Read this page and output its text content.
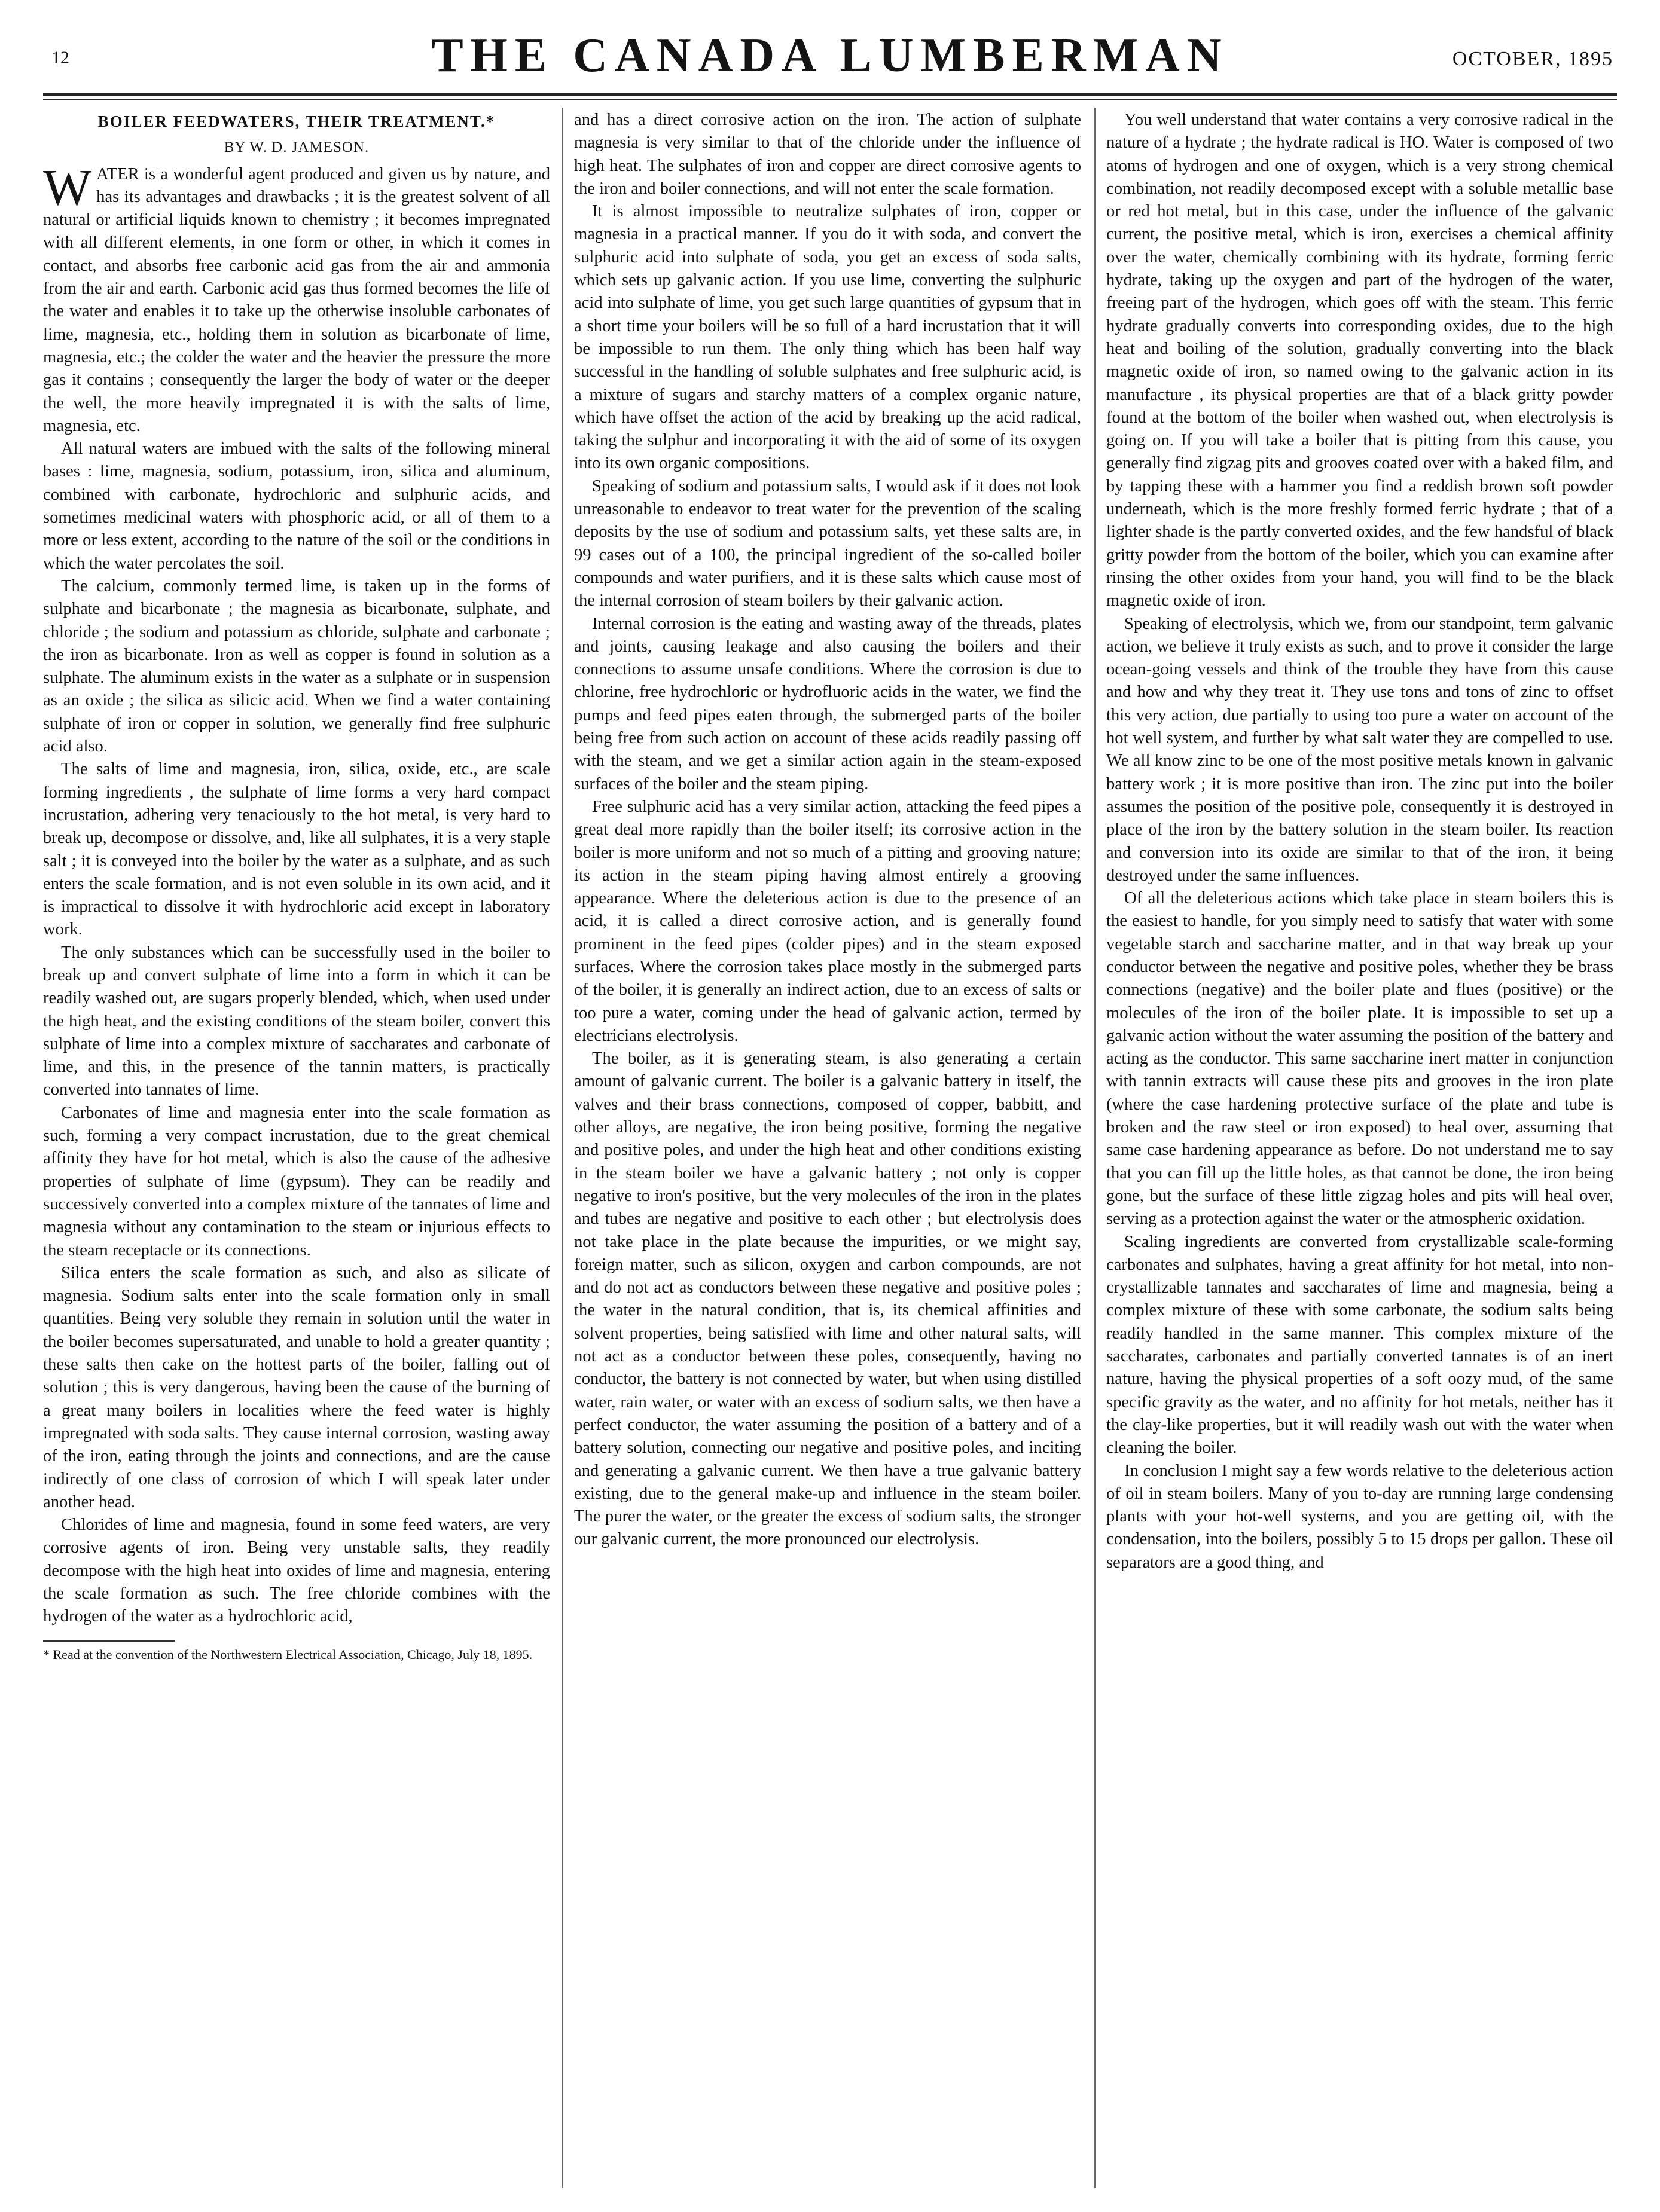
12	THE CANADA LUMBERMAN	OCTOBER, 1895
BOILER FEEDWATERS, THEIR TREATMENT.*
BY W. D. JAMESON.

WATER is a wonderful agent produced and given us by nature, and has its advantages and drawbacks ; it is the greatest solvent of all natural or artificial liquids known to chemistry ; it becomes impregnated with all different elements, in one form or other, in which it comes in contact, and absorbs free carbonic acid gas from the air and ammonia from the air and earth. Carbonic acid gas thus formed becomes the life of the water and enables it to take up the otherwise insoluble carbonates of lime, magnesia, etc., holding them in solution as bicarbonate of lime, magnesia, etc.; the colder the water and the heavier the pressure the more gas it contains ; consequently the larger the body of water or the deeper the well, the more heavily impregnated it is with the salts of lime, magnesia, etc.

All natural waters are imbued with the salts of the following mineral bases : lime, magnesia, sodium, potassium, iron, silica and aluminum, combined with carbonate, hydrochloric and sulphuric acids, and sometimes medicinal waters with phosphoric acid, or all of them to a more or less extent, according to the nature of the soil or the conditions in which the water percolates the soil.

The calcium, commonly termed lime, is taken up in the forms of sulphate and bicarbonate ; the magnesia as bicarbonate, sulphate, and chloride ; the sodium and potassium as chloride, sulphate and carbonate ; the iron as bicarbonate. Iron as well as copper is found in solution as a sulphate. The aluminum exists in the water as a sulphate or in suspension as an oxide ; the silica as silicic acid. When we find a water containing sulphate of iron or copper in solution, we generally find free sulphuric acid also.

The salts of lime and magnesia, iron, silica, oxide, etc., are scale forming ingredients , the sulphate of lime forms a very hard compact incrustation, adhering very tenaciously to the hot metal, is very hard to break up, decompose or dissolve, and, like all sulphates, it is a very staple salt ; it is conveyed into the boiler by the water as a sulphate, and as such enters the scale formation, and is not even soluble in its own acid, and it is impractical to dissolve it with hydrochloric acid except in laboratory work.

The only substances which can be successfully used in the boiler to break up and convert sulphate of lime into a form in which it can be readily washed out, are sugars properly blended, which, when used under the high heat, and the existing conditions of the steam boiler, convert this sulphate of lime into a complex mixture of saccharates and carbonate of lime, and this, in the presence of the tannin matters, is practically converted into tannates of lime.

Carbonates of lime and magnesia enter into the scale formation as such, forming a very compact incrustation, due to the great chemical affinity they have for hot metal, which is also the cause of the adhesive properties of sulphate of lime (gypsum). They can be readily and successively converted into a complex mixture of the tannates of lime and magnesia without any contamination to the steam or injurious effects to the steam receptacle or its connections.

Silica enters the scale formation as such, and also as silicate of magnesia. Sodium salts enter into the scale formation only in small quantities. Being very soluble they remain in solution until the water in the boiler becomes supersaturated, and unable to hold a greater quantity ; these salts then cake on the hottest parts of the boiler, falling out of solution ; this is very dangerous, having been the cause of the burning of a great many boilers in localities where the feed water is highly impregnated with soda salts. They cause internal corrosion, wasting away of the iron, eating through the joints and connections, and are the cause indirectly of one class of corrosion of which I will speak later under another head.

Chlorides of lime and magnesia, found in some feed waters, are very corrosive agents of iron. Being very unstable salts, they readily decompose with the high heat into oxides of lime and magnesia, entering the scale formation as such. The free chloride combines with the hydrogen of the water as a hydrochloric acid,

* Read at the convention of the Northwestern Electrical Association, Chicago, July 18, 1895.

and has a direct corrosive action on the iron. The action of sulphate magnesia is very similar to that of the chloride under the influence of high heat. The sulphates of iron and copper are direct corrosive agents to the iron and boiler connections, and will not enter the scale formation.

It is almost impossible to neutralize sulphates of iron, copper or magnesia in a practical manner. If you do it with soda, and convert the sulphuric acid into sulphate of soda, you get an excess of soda salts, which sets up galvanic action. If you use lime, converting the sulphuric acid into sulphate of lime, you get such large quantities of gypsum that in a short time your boilers will be so full of a hard incrustation that it will be impossible to run them. The only thing which has been half way successful in the handling of soluble sulphates and free sulphuric acid, is a mixture of sugars and starchy matters of a complex organic nature, which have offset the action of the acid by breaking up the acid radical, taking the sulphur and incorporating it with the aid of some of its oxygen into its own organic compositions.

Speaking of sodium and potassium salts, I would ask if it does not look unreasonable to endeavor to treat water for the prevention of the scaling deposits by the use of sodium and potassium salts, yet these salts are, in 99 cases out of a 100, the principal ingredient of the so-called boiler compounds and water purifiers, and it is these salts which cause most of the internal corrosion of steam boilers by their galvanic action.

Internal corrosion is the eating and wasting away of the threads, plates and joints, causing leakage and also causing the boilers and their connections to assume unsafe conditions. Where the corrosion is due to chlorine, free hydrochloric or hydrofluoric acids in the water, we find the pumps and feed pipes eaten through, the submerged parts of the boiler being free from such action on account of these acids readily passing off with the steam, and we get a similar action again in the steam-exposed surfaces of the boiler and the steam piping.

Free sulphuric acid has a very similar action, attacking the feed pipes a great deal more rapidly than the boiler itself; its corrosive action in the boiler is more uniform and not so much of a pitting and grooving nature; its action in the steam piping having almost entirely a grooving appearance. Where the deleterious action is due to the presence of an acid, it is called a direct corrosive action, and is generally found prominent in the feed pipes (colder pipes) and in the steam exposed surfaces. Where the corrosion takes place mostly in the submerged parts of the boiler, it is generally an indirect action, due to an excess of salts or too pure a water, coming under the head of galvanic action, termed by electricians electrolysis.

The boiler, as it is generating steam, is also generating a certain amount of galvanic current. The boiler is a galvanic battery in itself, the valves and their brass connections, composed of copper, babbitt, and other alloys, are negative, the iron being positive, forming the negative and positive poles, and under the high heat and other conditions existing in the steam boiler we have a galvanic battery ; not only is copper negative to iron's positive, but the very molecules of the iron in the plates and tubes are negative and positive to each other ; but electrolysis does not take place in the plate because the impurities, or we might say, foreign matter, such as silicon, oxygen and carbon compounds, are not and do not act as conductors between these negative and positive poles ; the water in the natural condition, that is, its chemical affinities and solvent properties, being satisfied with lime and other natural salts, will not act as a conductor between these poles, consequently, having no conductor, the battery is not connected by water, but when using distilled water, rain water, or water with an excess of sodium salts, we then have a perfect conductor, the water assuming the position of a battery and of a battery solution, connecting our negative and positive poles, and inciting and generating a galvanic current. We then have a true galvanic battery existing, due to the general make-up and influence in the steam boiler. The purer the water, or the greater the excess of sodium salts, the stronger our galvanic current, the more pronounced our electrolysis.

You well understand that water contains a very corrosive radical in the nature of a hydrate ; the hydrate radical is HO. Water is composed of two atoms of hydrogen and one of oxygen, which is a very strong chemical combination, not readily decomposed except with a soluble metallic base or red hot metal, but in this case, under the influence of the galvanic current, the positive metal, which is iron, exercises a chemical affinity over the water, chemically combining with its hydrate, forming ferric hydrate, taking up the oxygen and part of the hydrogen of the water, freeing part of the hydrogen, which goes off with the steam. This ferric hydrate gradually converts into corresponding oxides, due to the high heat and boiling of the solution, gradually converting into the black magnetic oxide of iron, so named owing to the galvanic action in its manufacture , its physical properties are that of a black gritty powder found at the bottom of the boiler when washed out, when electrolysis is going on. If you will take a boiler that is pitting from this cause, you generally find zigzag pits and grooves coated over with a baked film, and by tapping these with a hammer you find a reddish brown soft powder underneath, which is the more freshly formed ferric hydrate ; that of a lighter shade is the partly converted oxides, and the few handsful of black gritty powder from the bottom of the boiler, which you can examine after rinsing the other oxides from your hand, you will find to be the black magnetic oxide of iron.

Speaking of electrolysis, which we, from our standpoint, term galvanic action, we believe it truly exists as such, and to prove it consider the large ocean-going vessels and think of the trouble they have from this cause and how and why they treat it. They use tons and tons of zinc to offset this very action, due partially to using too pure a water on account of the hot well system, and further by what salt water they are compelled to use. We all know zinc to be one of the most positive metals known in galvanic battery work ; it is more positive than iron. The zinc put into the boiler assumes the position of the positive pole, consequently it is destroyed in place of the iron by the battery solution in the steam boiler. Its reaction and conversion into its oxide are similar to that of the iron, it being destroyed under the same influences.

Of all the deleterious actions which take place in steam boilers this is the easiest to handle, for you simply need to satisfy that water with some vegetable starch and saccharine matter, and in that way break up your conductor between the negative and positive poles, whether they be brass connections (negative) and the boiler plate and flues (positive) or the molecules of the iron of the boiler plate. It is impossible to set up a galvanic action without the water assuming the position of the battery and acting as the conductor. This same saccharine inert matter in conjunction with tannin extracts will cause these pits and grooves in the iron plate (where the case hardening protective surface of the plate and tube is broken and the raw steel or iron exposed) to heal over, assuming that same case hardening appearance as before. Do not understand me to say that you can fill up the little holes, as that cannot be done, the iron being gone, but the surface of these little zigzag holes and pits will heal over, serving as a protection against the water or the atmospheric oxidation.

Scaling ingredients are converted from crystallizable scale-forming carbonates and sulphates, having a great affinity for hot metal, into non-crystallizable tannates and saccharates of lime and magnesia, being a complex mixture of these with some carbonate, the sodium salts being readily handled in the same manner. This complex mixture of the saccharates, carbonates and partially converted tannates is of an inert nature, having the physical properties of a soft oozy mud, of the same specific gravity as the water, and no affinity for hot metals, neither has it the clay-like properties, but it will readily wash out with the water when cleaning the boiler.

In conclusion I might say a few words relative to the deleterious action of oil in steam boilers. Many of you to-day are running large condensing plants with your hot-well systems, and you are getting oil, with the condensation, into the boilers, possibly 5 to 15 drops per gallon. These oil separators are a good thing, and
